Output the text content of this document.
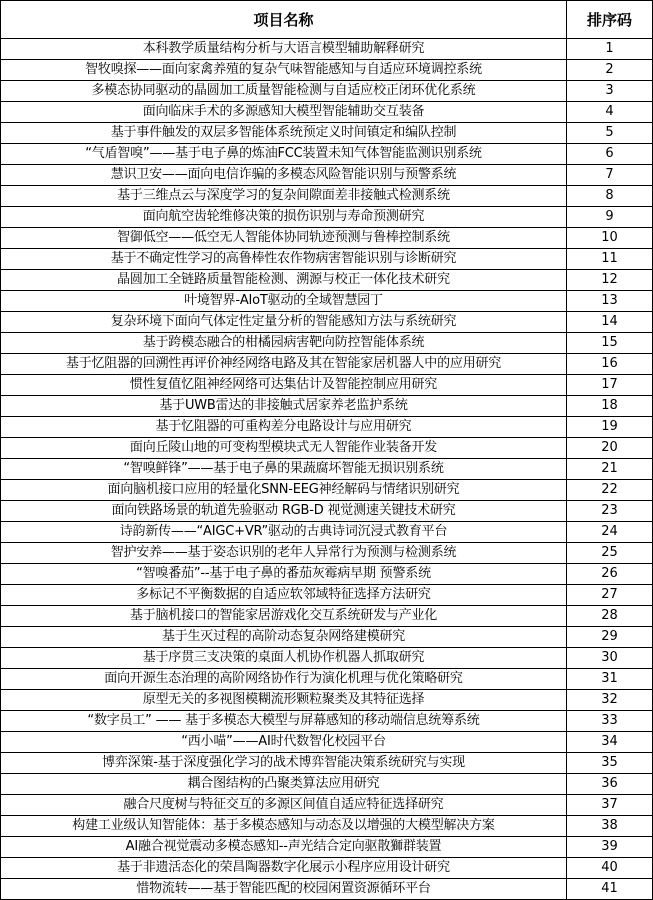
项目名称	排序码
本科教学质量结构分析与大语言模型辅助解释研究	1
智牧嗅探——面向家禽养殖的复杂气味智能感知与自适应环境调控系统	2
多模态协同驱动的晶圆加工质量智能检测与自适应校正闭环优化系统	3
面向临床手术的多源感知大模型智能辅助交互装备	4
基于事件触发的双层多智能体系统预定义时间镇定和编队控制	5
“气盾智嗅”——基于电子鼻的炼油FCC装置未知气体智能监测识别系统	6
慧识卫安——面向电信诈骗的多模态风险智能识别与预警系统	7
基于三维点云与深度学习的复杂间隙面差非接触式检测系统	8
面向航空齿轮维修决策的损伤识别与寿命预测研究	9
智御低空——低空无人智能体协同轨迹预测与鲁棒控制系统	10
基于不确定性学习的高鲁棒性农作物病害智能识别与诊断研究	11
晶圆加工全链路质量智能检测、溯源与校正一体化技术研究	12
叶境智界-AIoT驱动的全域智慧园丁	13
复杂环境下面向气体定性定量分析的智能感知方法与系统研究	14
基于跨模态融合的柑橘园病害靶向防控智能体系统	15
基于忆阻器的回溯性再评价神经网络电路及其在智能家居机器人中的应用研究	16
惯性复值忆阻神经网络可达集估计及智能控制应用研究	17
基于UWB雷达的非接触式居家养老监护系统	18
基于忆阻器的可重构差分电路设计与应用研究	19
面向丘陵山地的可变构型模块式无人智能作业装备开发	20
“智嗅鲜锋”——基于电子鼻的果蔬腐坏智能无损识别系统	21
面向脑机接口应用的轻量化SNN-EEG神经解码与情绪识别研究	22
面向铁路场景的轨道先验驱动 RGB-D 视觉测速关键技术研究	23
诗韵新传——“AIGC+VR”驱动的古典诗词沉浸式教育平台	24
智护安养——基于姿态识别的老年人异常行为预测与检测系统	25
“智嗅番茄”--基于电子鼻的番茄灰霉病早期 预警系统	26
多标记不平衡数据的自适应软邻域特征选择方法研究	27
基于脑机接口的智能家居游戏化交互系统研发与产业化	28
基于生灭过程的高阶动态复杂网络建模研究	29
基于序贯三支决策的桌面人机协作机器人抓取研究	30
面向开源生态治理的高阶网络协作行为演化机理与优化策略研究	31
原型无关的多视图模糊流形颗粒聚类及其特征选择	32
“数字员工” —— 基于多模态大模型与屏幕感知的移动端信息统筹系统	33
“西小喵”——AI时代数智化校园平台	34
博弈深策-基于深度强化学习的战术博弈智能决策系统研究与实现	35
耦合图结构的凸聚类算法应用研究	36
融合尺度树与特征交互的多源区间值自适应特征选择研究	37
构建工业级认知智能体：基于多模态感知与动态及以增强的大模型解决方案	38
AI融合视觉震动多模态感知--声光结合定向驱散獅群装置	39
基于非遗活态化的荣昌陶器数字化展示小程序应用设计研究	40
惜物流转——基于智能匹配的校园闲置资源循环平台	41
